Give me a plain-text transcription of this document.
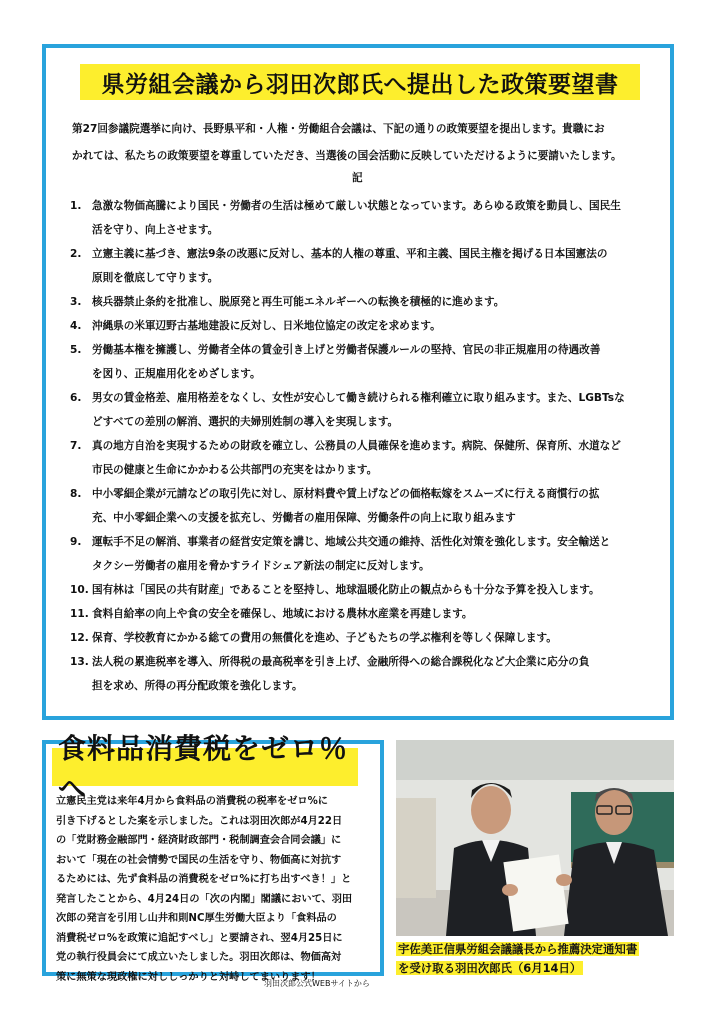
県労組会議から羽田次郎氏へ提出した政策要望書
第27回参議院選挙に向け、長野県平和・人権・労働組合会議は、下記の通りの政策要望を提出します。貴職にお
かれては、私たちの政策要望を尊重していただき、当選後の国会活動に反映していただけるように要請いたします。
記
1. 急激な物価高騰により国民・労働者の生活は極めて厳しい状態となっています。あらゆる政策を動員し、国民生
活を守り、向上させます。
2. 立憲主義に基づき、憲法9条の改悪に反対し、基本的人権の尊重、平和主義、国民主権を掲げる日本国憲法の
原則を徹底して守ります。
3. 核兵器禁止条約を批准し、脱原発と再生可能エネルギーへの転換を積極的に進めます。
4. 沖縄県の米軍辺野古基地建設に反対し、日米地位協定の改定を求めます。
5. 労働基本権を擁護し、労働者全体の賃金引き上げと労働者保護ルールの堅持、官民の非正規雇用の待遇改善
を図り、正規雇用化をめざします。
6. 男女の賃金格差、雇用格差をなくし、女性が安心して働き続けられる権利確立に取り組みます。また、LGBTsな
どすべての差別の解消、選択的夫婦別姓制の導入を実現します。
7. 真の地方自治を実現するための財政を確立し、公務員の人員確保を進めます。病院、保健所、保育所、水道など
市民の健康と生命にかかわる公共部門の充実をはかります。
8. 中小零細企業が元請などの取引先に対し、原材料費や賃上げなどの価格転嫁をスムーズに行える商慣行の拡
充、中小零細企業への支援を拡充し、労働者の雇用保障、労働条件の向上に取り組みます
9. 運転手不足の解消、事業者の経営安定策を講じ、地域公共交通の維持、活性化対策を強化します。安全輸送と
タクシー労働者の雇用を脅かすライドシェア新法の制定に反対します。
10. 国有林は「国民の共有財産」であることを堅持し、地球温暖化防止の観点からも十分な予算を投入します。
11. 食料自給率の向上や食の安全を確保し、地域における農林水産業を再建します。
12. 保育、学校教育にかかる総ての費用の無償化を進め、子どもたちの学ぶ権利を等しく保障します。
13. 法人税の累進税率を導入、所得税の最高税率を引き上げ、金融所得への総合課税化など大企業に応分の負
担を求め、所得の再分配政策を強化します。
食料品消費税をゼロ％へ
立憲民主党は来年4月から食料品の消費税の税率をゼロ%に
引き下げるとした案を示しました。これは羽田次郎が4月22日
の「党財務金融部門・経済財政部門・税制調査会合同会議」に
おいて「現在の社会情勢で国民の生活を守り、物価高に対抗す
るためには、先ず食料品の消費税をゼロ%に打ち出すべき！」と
発言したことから、4月24日の「次の内閣」閣議において、羽田
次郎の発言を引用し山井和則NC厚生労働大臣より「食料品の
消費税ゼロ%を政策に追記すべし」と要請され、翌4月25日に
党の執行役員会にて成立いたしました。羽田次郎は、物価高対
策に無策な現政権に対ししっかりと対峙してまいります！
羽田次郎公式WEBサイトから
宇佐美正信県労組会議議長から推薦決定通知書
を受け取る羽田次郎氏（6月14日）
